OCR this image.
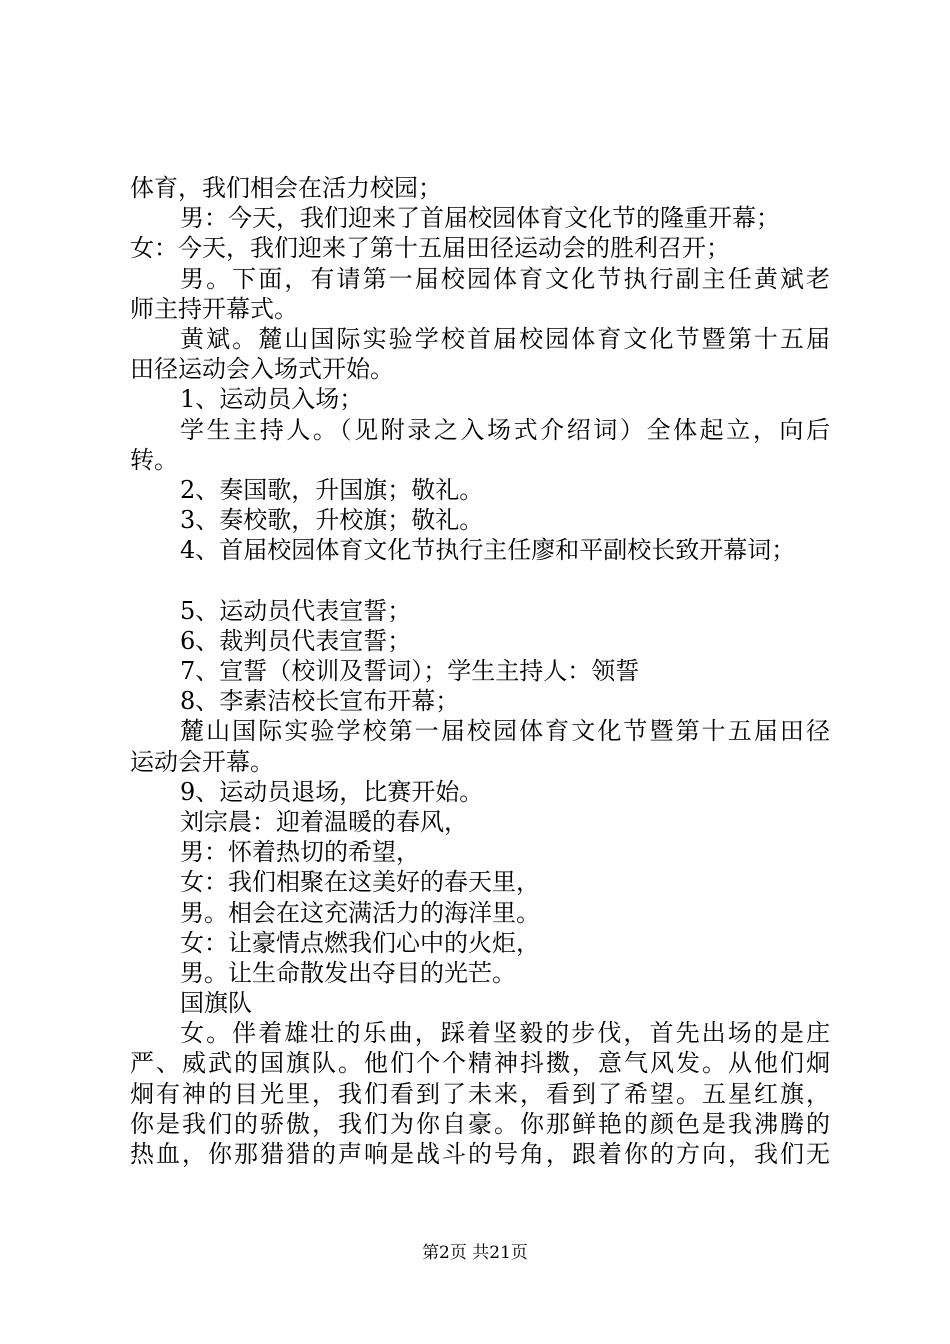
体育，我们相会在活力校园；
男：今天，我们迎来了首届校园体育文化节的隆重开幕；
女：今天，我们迎来了第十五届田径运动会的胜利召开；
男。下面，有请第一届校园体育文化节执行副主任黄斌老
师主持开幕式。
黄斌。麓山国际实验学校首届校园体育文化节暨第十五届
田径运动会入场式开始。
1、运动员入场；
学生主持人。（见附录之入场式介绍词）全体起立，向后
转。
2、奏国歌，升国旗；敬礼。
3、奏校歌，升校旗；敬礼。
4、首届校园体育文化节执行主任廖和平副校长致开幕词；
5、运动员代表宣誓；
6、裁判员代表宣誓；
7、宣誓（校训及誓词）；学生主持人：领誓
8、李素洁校长宣布开幕；
麓山国际实验学校第一届校园体育文化节暨第十五届田径
运动会开幕。
9、运动员退场，比赛开始。
刘宗晨：迎着温暖的春风，
男：怀着热切的希望，
女：我们相聚在这美好的春天里，
男。相会在这充满活力的海洋里。
女：让豪情点燃我们心中的火炬，
男。让生命散发出夺目的光芒。
国旗队
女。伴着雄壮的乐曲，踩着坚毅的步伐，首先出场的是庄
严、威武的国旗队。他们个个精神抖擞，意气风发。从他们炯
炯有神的目光里，我们看到了未来，看到了希望。五星红旗，
你是我们的骄傲，我们为你自豪。你那鲜艳的颜色是我沸腾的
热血，你那猎猎的声响是战斗的号角，跟着你的方向，我们无
第2页 共21页
